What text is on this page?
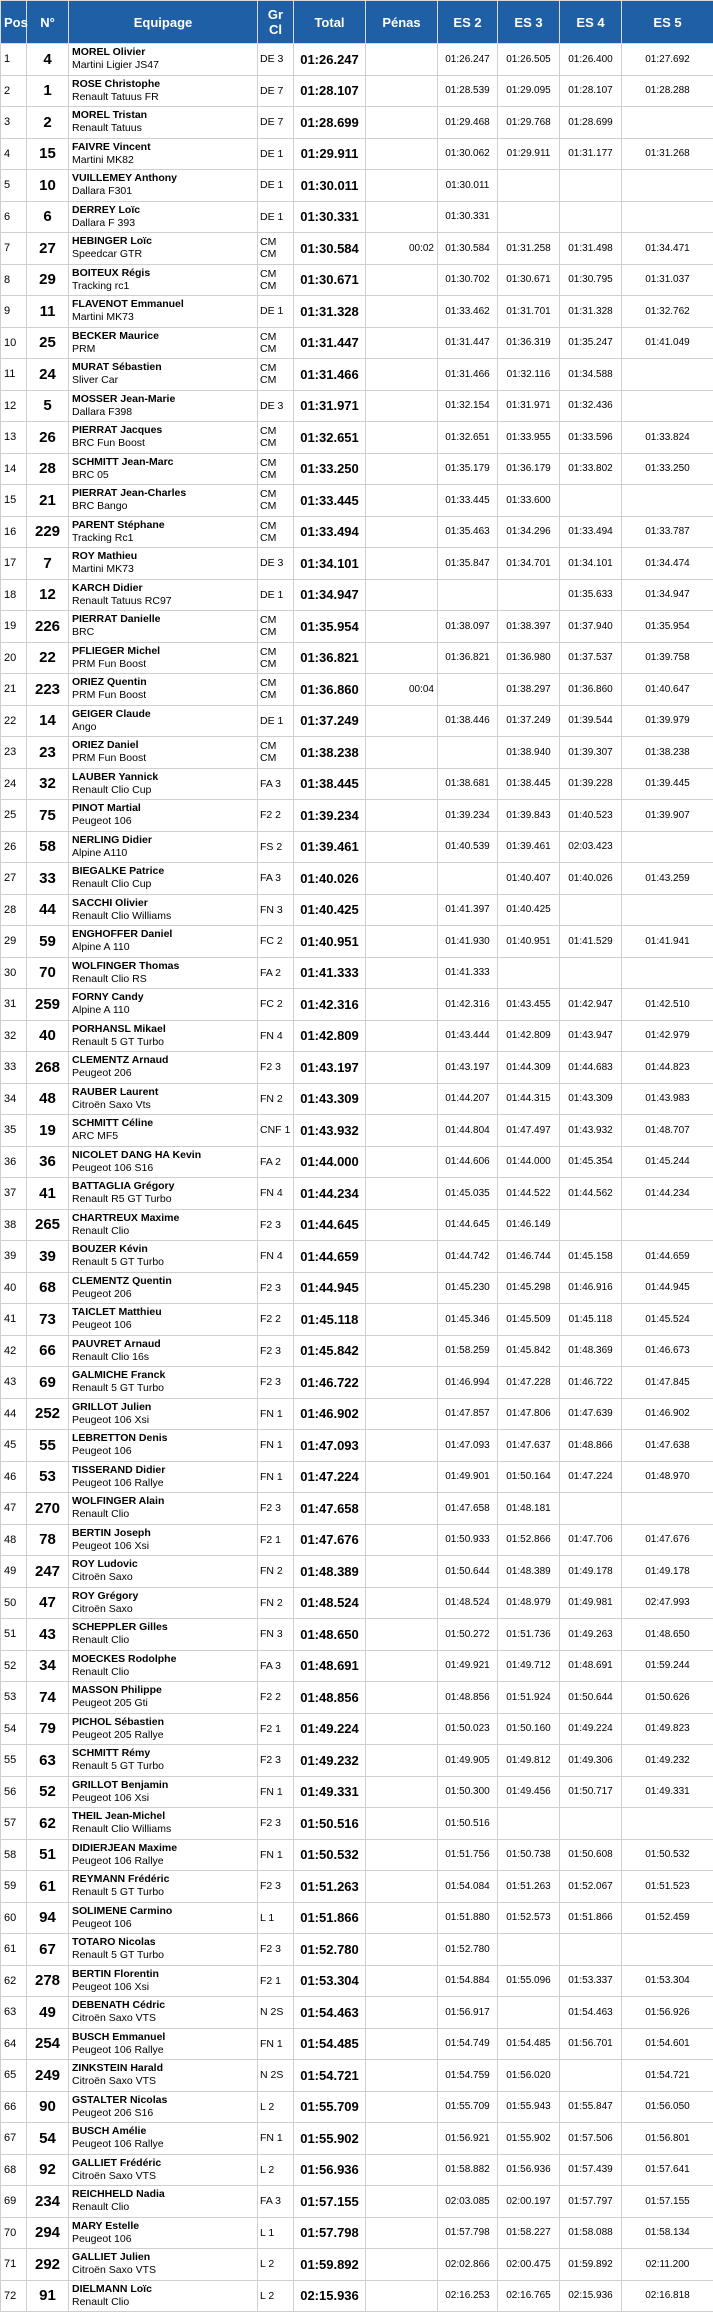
Pos	N°	Equipage	Gr Cl	Total	Pénas	ES 2	ES 3	ES 4	ES 5
1	4	MOREL Olivier
Martini Ligier JS47	DE 3	01:26.247		01:26.247	01:26.505	01:26.400	01:27.692
2	1	ROSE Christophe
Renault Tatuus FR	DE 7	01:28.107		01:28.539	01:29.095	01:28.107	01:28.288
3	2	MOREL Tristan
Renault Tatuus	DE 7	01:28.699		01:29.468	01:29.768	01:28.699	
4	15	FAIVRE Vincent
Martini MK82	DE 1	01:29.911		01:30.062	01:29.911	01:31.177	01:31.268
5	10	VUILLEMEY Anthony
Dallara F301	DE 1	01:30.011		01:30.011			
6	6	DERREY Loïc
Dallara F 393	DE 1	01:30.331		01:30.331			
7	27	HEBINGER Loïc
Speedcar GTR	CM CM	01:30.584	00:02	01:30.584	01:31.258	01:31.498	01:34.471
8	29	BOITEUX Régis
Tracking rc1	CM CM	01:30.671		01:30.702	01:30.671	01:30.795	01:31.037
9	11	FLAVENOT Emmanuel
Martini MK73	DE 1	01:31.328		01:33.462	01:31.701	01:31.328	01:32.762
10	25	BECKER Maurice
PRM	CM CM	01:31.447		01:31.447	01:36.319	01:35.247	01:41.049
11	24	MURAT Sébastien
Sliver Car	CM CM	01:31.466		01:31.466	01:32.116	01:34.588	
12	5	MOSSER Jean-Marie
Dallara F398	DE 3	01:31.971		01:32.154	01:31.971	01:32.436	
13	26	PIERRAT Jacques
BRC Fun Boost	CM CM	01:32.651		01:32.651	01:33.955	01:33.596	01:33.824
14	28	SCHMITT Jean-Marc
BRC 05	CM CM	01:33.250		01:35.179	01:36.179	01:33.802	01:33.250
15	21	PIERRAT Jean-Charles
BRC Bango	CM CM	01:33.445		01:33.445	01:33.600		
16	229	PARENT Stéphane
Tracking Rc1	CM CM	01:33.494		01:35.463	01:34.296	01:33.494	01:33.787
17	7	ROY Mathieu
Martini MK73	DE 3	01:34.101		01:35.847	01:34.701	01:34.101	01:34.474
18	12	KARCH Didier
Renault Tatuus RC97	DE 1	01:34.947				01:35.633	01:34.947
19	226	PIERRAT Danielle
BRC	CM CM	01:35.954		01:38.097	01:38.397	01:37.940	01:35.954
20	22	PFLIEGER Michel
PRM Fun Boost	CM CM	01:36.821		01:36.821	01:36.980	01:37.537	01:39.758
21	223	ORIEZ Quentin
PRM Fun Boost	CM CM	01:36.860	00:04		01:38.297	01:36.860	01:40.647
22	14	GEIGER Claude
Ango	DE 1	01:37.249		01:38.446	01:37.249	01:39.544	01:39.979
23	23	ORIEZ Daniel
PRM Fun Boost	CM CM	01:38.238			01:38.940	01:39.307	01:38.238
24	32	LAUBER Yannick
Renault Clio Cup	FA 3	01:38.445		01:38.681	01:38.445	01:39.228	01:39.445
25	75	PINOT Martial
Peugeot 106	F2 2	01:39.234		01:39.234	01:39.843	01:40.523	01:39.907
26	58	NERLING Didier
Alpine A110	FS 2	01:39.461		01:40.539	01:39.461	02:03.423	
27	33	BIEGALKE Patrice
Renault Clio Cup	FA 3	01:40.026			01:40.407	01:40.026	01:43.259
28	44	SACCHI Olivier
Renault Clio Williams	FN 3	01:40.425		01:41.397	01:40.425		
29	59	ENGHOFFER Daniel
Alpine A 110	FC 2	01:40.951		01:41.930	01:40.951	01:41.529	01:41.941
30	70	WOLFINGER Thomas
Renault Clio RS	FA 2	01:41.333		01:41.333			
31	259	FORNY Candy
Alpine A 110	FC 2	01:42.316		01:42.316	01:43.455	01:42.947	01:42.510
32	40	PORHANSL Mikael
Renault 5 GT Turbo	FN 4	01:42.809		01:43.444	01:42.809	01:43.947	01:42.979
33	268	CLEMENTZ Arnaud
Peugeot 206	F2 3	01:43.197		01:43.197	01:44.309	01:44.683	01:44.823
34	48	RAUBER Laurent
Citroën Saxo Vts	FN 2	01:43.309		01:44.207	01:44.315	01:43.309	01:43.983
35	19	SCHMITT Céline
ARC MF5	CNF 1	01:43.932		01:44.804	01:47.497	01:43.932	01:48.707
36	36	NICOLET DANG HA Kevin
Peugeot 106 S16	FA 2	01:44.000		01:44.606	01:44.000	01:45.354	01:45.244
37	41	BATTAGLIA Grégory
Renault R5 GT Turbo	FN 4	01:44.234		01:45.035	01:44.522	01:44.562	01:44.234
38	265	CHARTREUX Maxime
Renault Clio	F2 3	01:44.645		01:44.645	01:46.149		
39	39	BOUZER Kévin
Renault 5 GT Turbo	FN 4	01:44.659		01:44.742	01:46.744	01:45.158	01:44.659
40	68	CLEMENTZ Quentin
Peugeot 206	F2 3	01:44.945		01:45.230	01:45.298	01:46.916	01:44.945
41	73	TAICLET Matthieu
Peugeot 106	F2 2	01:45.118		01:45.346	01:45.509	01:45.118	01:45.524
42	66	PAUVRET Arnaud
Renault Clio 16s	F2 3	01:45.842		01:58.259	01:45.842	01:48.369	01:46.673
43	69	GALMICHE Franck
Renault 5 GT Turbo	F2 3	01:46.722		01:46.994	01:47.228	01:46.722	01:47.845
44	252	GRILLOT Julien
Peugeot 106 Xsi	FN 1	01:46.902		01:47.857	01:47.806	01:47.639	01:46.902
45	55	LEBRETTON Denis
Peugeot 106	FN 1	01:47.093		01:47.093	01:47.637	01:48.866	01:47.638
46	53	TISSERAND Didier
Peugeot 106 Rallye	FN 1	01:47.224		01:49.901	01:50.164	01:47.224	01:48.970
47	270	WOLFINGER Alain
Renault Clio	F2 3	01:47.658		01:47.658	01:48.181		
48	78	BERTIN Joseph
Peugeot 106 Xsi	F2 1	01:47.676		01:50.933	01:52.866	01:47.706	01:47.676
49	247	ROY Ludovic
Citroën Saxo	FN 2	01:48.389		01:50.644	01:48.389	01:49.178	01:49.178
50	47	ROY Grégory
Citroën Saxo	FN 2	01:48.524		01:48.524	01:48.979	01:49.981	02:47.993
51	43	SCHEPPLER Gilles
Renault Clio	FN 3	01:48.650		01:50.272	01:51.736	01:49.263	01:48.650
52	34	MOECKES Rodolphe
Renault Clio	FA 3	01:48.691		01:49.921	01:49.712	01:48.691	01:59.244
53	74	MASSON Philippe
Peugeot 205 Gti	F2 2	01:48.856		01:48.856	01:51.924	01:50.644	01:50.626
54	79	PICHOL Sébastien
Peugeot 205 Rallye	F2 1	01:49.224		01:50.023	01:50.160	01:49.224	01:49.823
55	63	SCHMITT Rémy
Renault 5 GT Turbo	F2 3	01:49.232		01:49.905	01:49.812	01:49.306	01:49.232
56	52	GRILLOT Benjamin
Peugeot 106 Xsi	FN 1	01:49.331		01:50.300	01:49.456	01:50.717	01:49.331
57	62	THEIL Jean-Michel
Renault Clio Williams	F2 3	01:50.516		01:50.516			
58	51	DIDIERJEAN Maxime
Peugeot 106 Rallye	FN 1	01:50.532		01:51.756	01:50.738	01:50.608	01:50.532
59	61	REYMANN Frédéric
Renault 5 GT Turbo	F2 3	01:51.263		01:54.084	01:51.263	01:52.067	01:51.523
60	94	SOLIMENE Carmino
Peugeot 106	L 1	01:51.866		01:51.880	01:52.573	01:51.866	01:52.459
61	67	TOTARO Nicolas
Renault 5 GT Turbo	F2 3	01:52.780		01:52.780			
62	278	BERTIN Florentin
Peugeot 106 Xsi	F2 1	01:53.304		01:54.884	01:55.096	01:53.337	01:53.304
63	49	DEBENATH Cédric
Citroën Saxo VTS	N 2S	01:54.463		01:56.917		01:54.463	01:56.926
64	254	BUSCH Emmanuel
Peugeot 106 Rallye	FN 1	01:54.485		01:54.749	01:54.485	01:56.701	01:54.601
65	249	ZINKSTEIN Harald
Citroën Saxo VTS	N 2S	01:54.721		01:54.759	01:56.020		01:54.721
66	90	GSTALTER Nicolas
Peugeot 206 S16	L 2	01:55.709		01:55.709	01:55.943	01:55.847	01:56.050
67	54	BUSCH Amélie
Peugeot 106 Rallye	FN 1	01:55.902		01:56.921	01:55.902	01:57.506	01:56.801
68	92	GALLIET Frédéric
Citroën Saxo VTS	L 2	01:56.936		01:58.882	01:56.936	01:57.439	01:57.641
69	234	REICHHELD Nadia
Renault Clio	FA 3	01:57.155		02:03.085	02:00.197	01:57.797	01:57.155
70	294	MARY Estelle
Peugeot 106	L 1	01:57.798		01:57.798	01:58.227	01:58.088	01:58.134
71	292	GALLIET Julien
Citroën Saxo VTS	L 2	01:59.892		02:02.866	02:00.475	01:59.892	02:11.200
72	91	DIELMANN Loïc
Renault Clio	L 2	02:15.936		02:16.253	02:16.765	02:15.936	02:16.818
